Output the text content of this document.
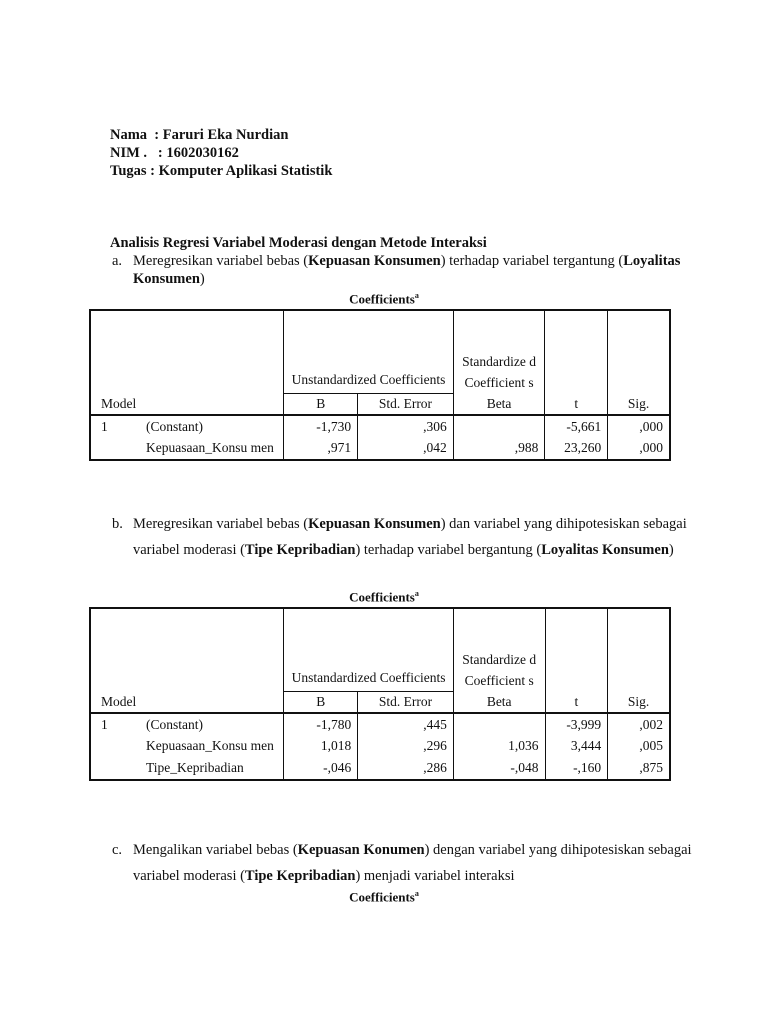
Nama  : Faruri Eka Nurdian
NIM .   : 1602030162
Tugas : Komputer Aplikasi Statistik
Analisis Regresi Variabel Moderasi dengan Metode Interaksi
a. Meregresikan variabel bebas (Kepuasan Konsumen) terhadap variabel tergantung (Loyalitas Konsumen)
Coefficients$^a$
	Unstandardized Coefficients		Standardize d Coefficient s		
Model	B	Std. Error	Beta	t	Sig.

1 (Constant)	-1,730	,306		-5,661	,000

Kepuasaan_Konsu men	,971	,042	,988	23,260	,000
b. Meregresikan variabel bebas (Kepuasan Konsumen) dan variabel yang dihipotesiskan sebagai variabel moderasi (Tipe Kepribadian) terhadap variabel bergantung (Loyalitas Konsumen)
Coefficients$^a$
	Unstandardized Coefficients		Standardize d Coefficient s		
Model	B	Std. Error	Beta	t	Sig.

1 (Constant)	-1,780	,445		-3,999	,002

Kepuasaan_Konsu men	1,018	,296	1,036	3,444	,005

Tipe_Kepribadian	-,046	,286	-,048	-,160	,875
c. Mengalikan variabel bebas (Kepuasan Konumen) dengan variabel yang dihipotesiskan sebagai variabel moderasi (Tipe Kepribadian) menjadi variabel interaksi
Coefficients$^a$
